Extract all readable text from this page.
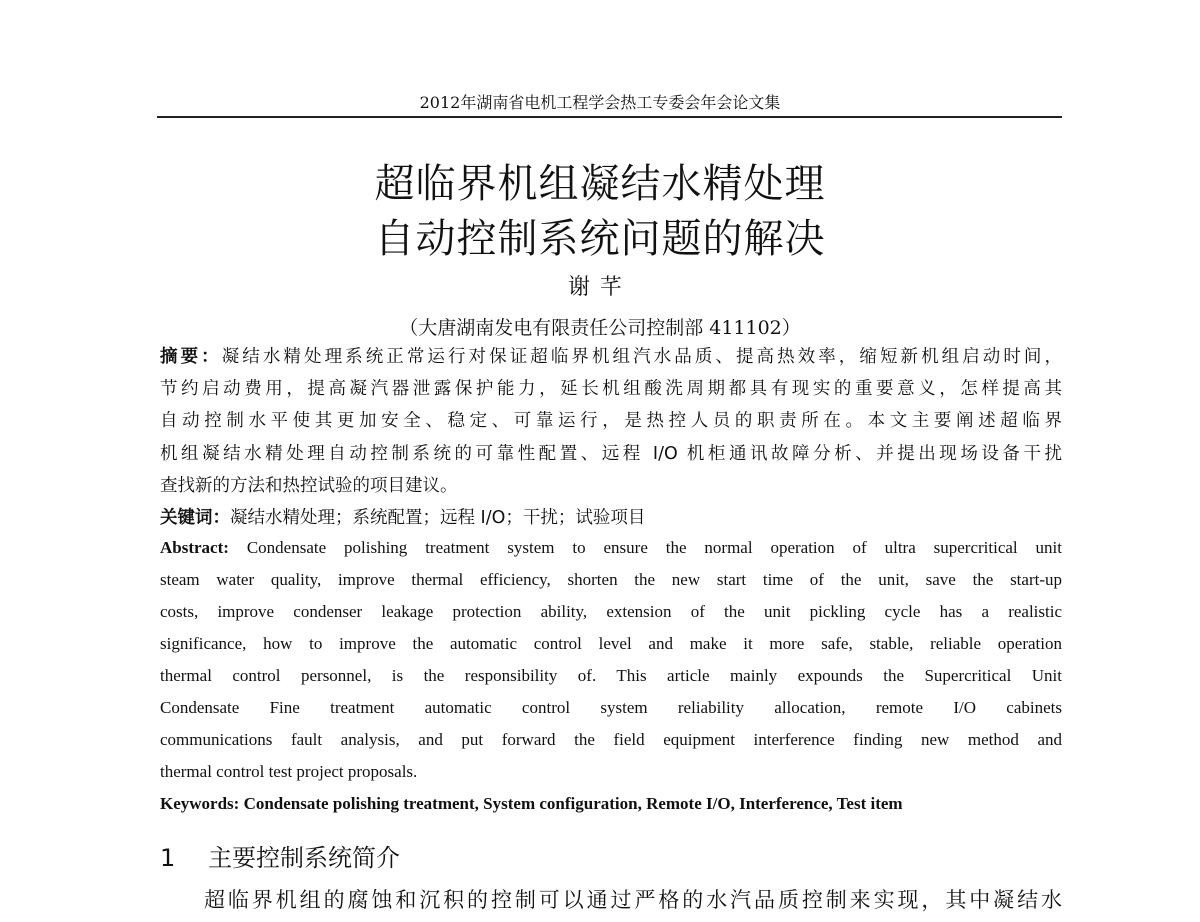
2012年湖南省电机工程学会热工专委会年会论文集
超临界机组凝结水精处理
自动控制系统问题的解决
谢芊
（大唐湖南发电有限责任公司控制部 411102）
摘要：凝结水精处理系统正常运行对保证超临界机组汽水品质、提高热效率，缩短新机组启动时间，
节约启动费用，提高凝汽器泄露保护能力，延长机组酸洗周期都具有现实的重要意义，怎样提高其
自动控制水平使其更加安全、稳定、可靠运行，是热控人员的职责所在。本文主要阐述超临界
机组凝结水精处理自动控制系统的可靠性配置、远程 I/O 机柜通讯故障分析、并提出现场设备干扰
查找新的方法和热控试验的项目建议。
关键词：凝结水精处理；系统配置；远程 I/O；干扰；试验项目
Abstract: Condensate polishing treatment system to ensure the normal operation of ultra supercritical unit
steam water quality, improve thermal efficiency, shorten the new start time of the unit, save the start-up
costs, improve condenser leakage protection ability, extension of the unit pickling cycle has a realistic
significance, how to improve the automatic control level and make it more safe, stable, reliable operation
thermal control personnel, is the responsibility of. This article mainly expounds the Supercritical Unit
Condensate Fine treatment automatic control system reliability allocation, remote I/O cabinets
communications fault analysis, and put forward the field equipment interference finding new method and
thermal control test project proposals.
Keywords: Condensate polishing treatment, System configuration, Remote I/O, Interference, Test item
1 主要控制系统简介
超临界机组的腐蚀和沉积的控制可以通过严格的水汽品质控制来实现，其中凝结水
